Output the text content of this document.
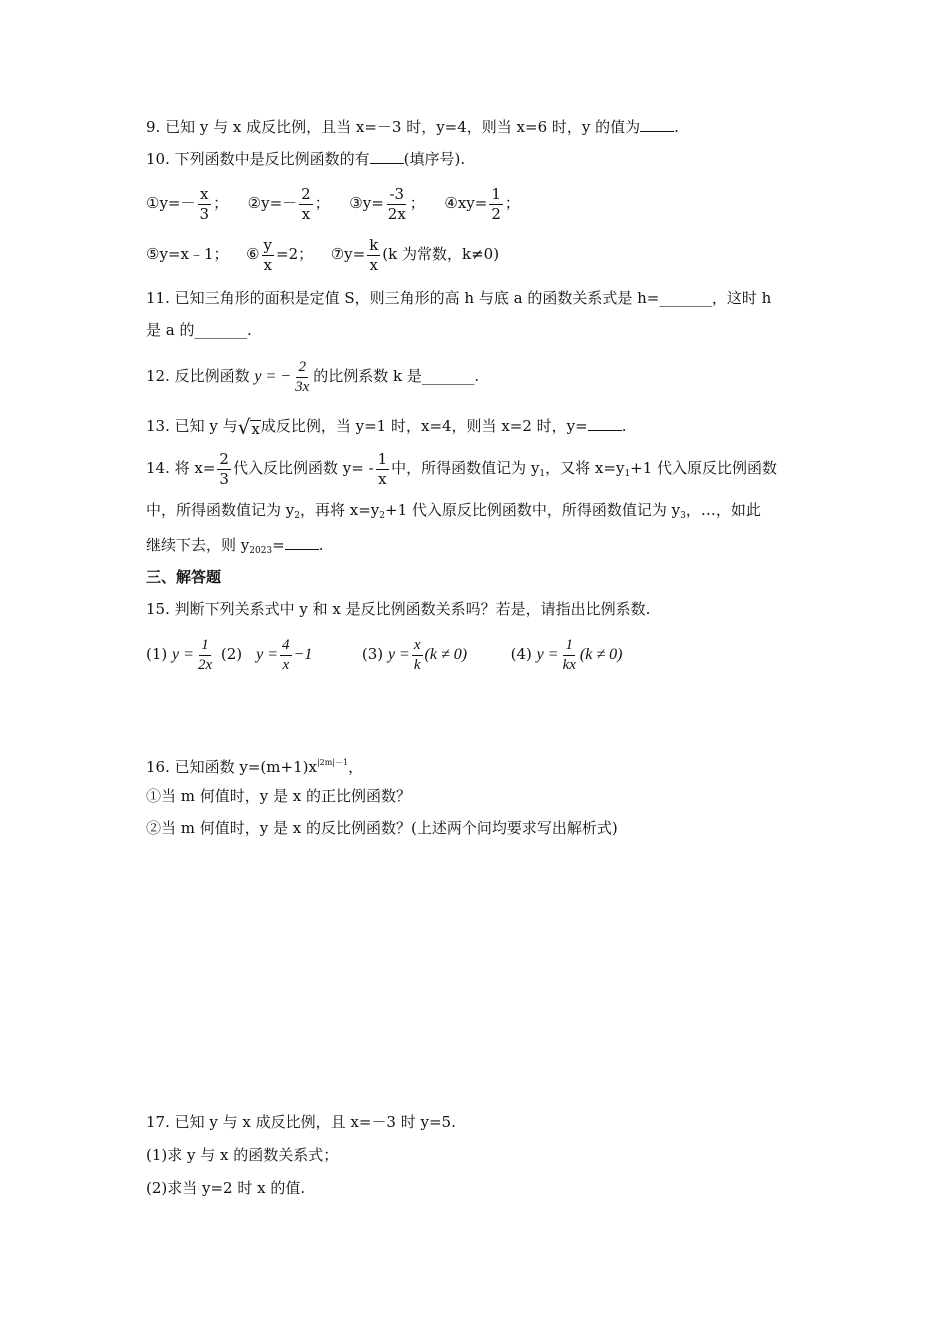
9. 已知 y 与 x 成反比例，且当 x=－3 时，y=4，则当 x=6 时，y 的值为 .
10. 下列函数中是反比例函数的有 (填序号).
①y=－ $\frac{x}{3}$ ； ②y=－ $\frac{2}{x}$ ； ③y= $\frac{-3}{2x}$ ； ④xy= $\frac{1}{2}$ ；
⑤y=x﹣1； ⑥ $\frac{y}{x} =2$； ⑦y= $\frac{k}{x} (k$ 为常数，k≠0)
11. 已知三角形的面积是定值 S，则三角形的高 h 与底 a 的函数关系式是 h=_______，这时 h
是 a 的_______.
12. 反比例函数 y = − $\frac{2}{3x}$ 的比例系数 k 是_______.
13. 已知 y 与 √ x 成反比例，当 y=1 时，x=4，则当 x=2 时，y= .
14. 将 $x= \frac{2}{3}$ 代入反比例函数 $y= - \frac{1}{x}$ 中，所得函数值记为 $y_1$，又将 $x=y_1+1$ 代入原反比例函数
中，所得函数值记为 $y_2$，再将 $x=y_2+1$ 代入原反比例函数中，所得函数值记为 $y_3$，…，如此
继续下去，则 $y_{2023}=$ .
三、解答题
15. 判断下列关系式中 y 和 x 是反比例函数关系吗？若是，请指出比例系数.
(1) $y = \frac{1}{2x} (2) y = \frac{4}{x} -1$	(3) $y = \frac{x}{k} (k \ne 0)$	(4) $y = \frac{1}{kx} (k \ne 0)$
16. 已知函数 $y=(m+1)x^{|2m|-1}$，
①当 m 何值时，y 是 x 的正比例函数？
②当 m 何值时，y 是 x 的反比例函数？(上述两个问均要求写出解析式)
17. 已知 y 与 x 成反比例，且 x=－3 时 y=5.
(1)求 y 与 x 的函数关系式；
(2)求当 y=2 时 x 的值.
